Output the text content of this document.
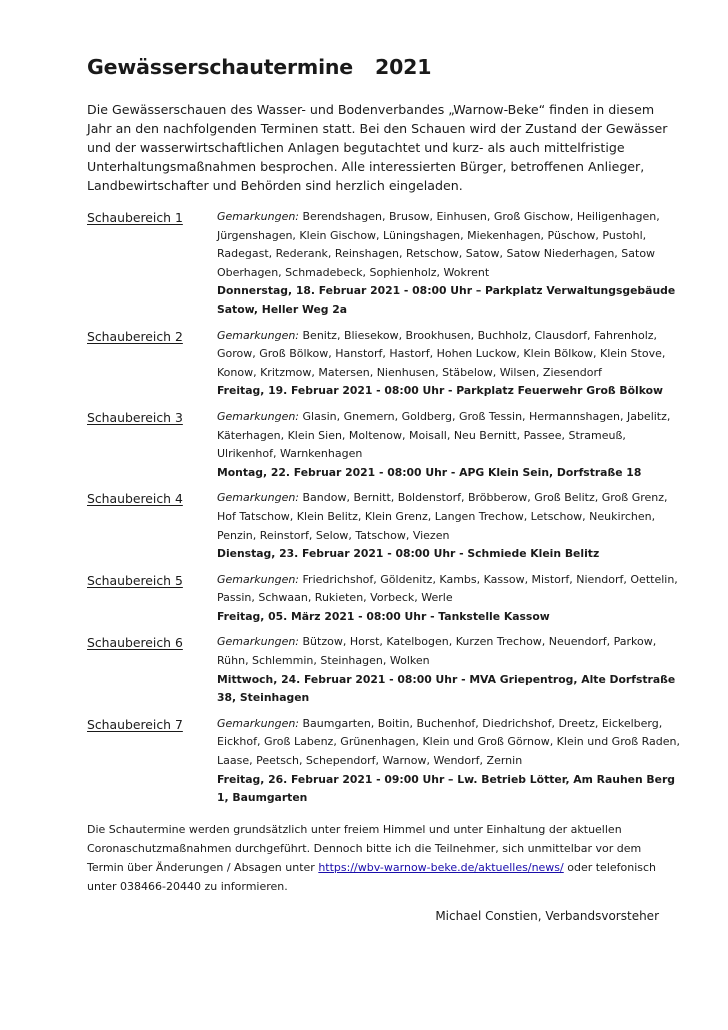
Gewässerschautermine 2021

Die Gewässerschauen des Wasser- und Bodenverbandes „Warnow-Beke“ finden in diesem Jahr an den nachfolgenden Terminen statt. Bei den Schauen wird der Zustand der Gewässer und der wasserwirtschaftlichen Anlagen begutachtet und kurz- als auch mittelfristige Unterhaltungsmaßnahmen besprochen. Alle interessierten Bürger, betroffenen Anlieger, Landbewirtschafter und Behörden sind herzlich eingeladen.

Schaubereich 1	Gemarkungen: Berendshagen, Brusow, Einhusen, Groß Gischow, Heiligenhagen, Jürgenshagen, Klein Gischow, Lüningshagen, Miekenhagen, Püschow, Pustohl, Radegast, Rederank, Reinshagen, Retschow, Satow, Satow Niederhagen, Satow Oberhagen, Schmadebeck, Sophienholz, Wokrent
Donnerstag, 18. Februar 2021 - 08:00 Uhr – Parkplatz Verwaltungsgebäude Satow, Heller Weg 2a
Schaubereich 2	Gemarkungen: Benitz, Bliesekow, Brookhusen, Buchholz, Clausdorf, Fahrenholz, Gorow, Groß Bölkow, Hanstorf, Hastorf, Hohen Luckow, Klein Bölkow, Klein Stove, Konow, Kritzmow, Matersen, Nienhusen, Stäbelow, Wilsen, Ziesendorf
Freitag, 19. Februar 2021 - 08:00 Uhr - Parkplatz Feuerwehr Groß Bölkow
Schaubereich 3	Gemarkungen: Glasin, Gnemern, Goldberg, Groß Tessin, Hermannshagen, Jabelitz, Käterhagen, Klein Sien, Moltenow, Moisall, Neu Bernitt, Passee, Strameuß, Ulrikenhof, Warnkenhagen
Montag, 22. Februar 2021 - 08:00 Uhr - APG Klein Sein, Dorfstraße 18
Schaubereich 4	Gemarkungen: Bandow, Bernitt, Boldenstorf, Bröbberow, Groß Belitz, Groß Grenz, Hof Tatschow, Klein Belitz, Klein Grenz, Langen Trechow, Letschow, Neukirchen, Penzin, Reinstorf, Selow, Tatschow, Viezen
Dienstag, 23. Februar 2021 - 08:00 Uhr - Schmiede Klein Belitz
Schaubereich 5	Gemarkungen: Friedrichshof, Göldenitz, Kambs, Kassow, Mistorf, Niendorf, Oettelin, Passin, Schwaan, Rukieten, Vorbeck, Werle
Freitag, 05. März 2021 - 08:00 Uhr - Tankstelle Kassow
Schaubereich 6	Gemarkungen: Bützow, Horst, Katelbogen, Kurzen Trechow, Neuendorf, Parkow, Rühn, Schlemmin, Steinhagen, Wolken
Mittwoch, 24. Februar 2021 - 08:00 Uhr - MVA Griepentrog, Alte Dorfstraße 38, Steinhagen
Schaubereich 7	Gemarkungen: Baumgarten, Boitin, Buchenhof, Diedrichshof, Dreetz, Eickelberg, Eickhof, Groß Labenz, Grünenhagen, Klein und Groß Görnow, Klein und Groß Raden, Laase, Peetsch, Schependorf, Warnow, Wendorf, Zernin
Freitag, 26. Februar 2021 - 09:00 Uhr – Lw. Betrieb Lötter, Am Rauhen Berg 1, Baumgarten

Die Schautermine werden grundsätzlich unter freiem Himmel und unter Einhaltung der aktuellen Coronaschutzmaßnahmen durchgeführt. Dennoch bitte ich die Teilnehmer, sich unmittelbar vor dem Termin über Änderungen / Absagen unter https://wbv-warnow-beke.de/aktuelles/news/ oder telefonisch unter 038466-20440 zu informieren.

Michael Constien, Verbandsvorsteher
